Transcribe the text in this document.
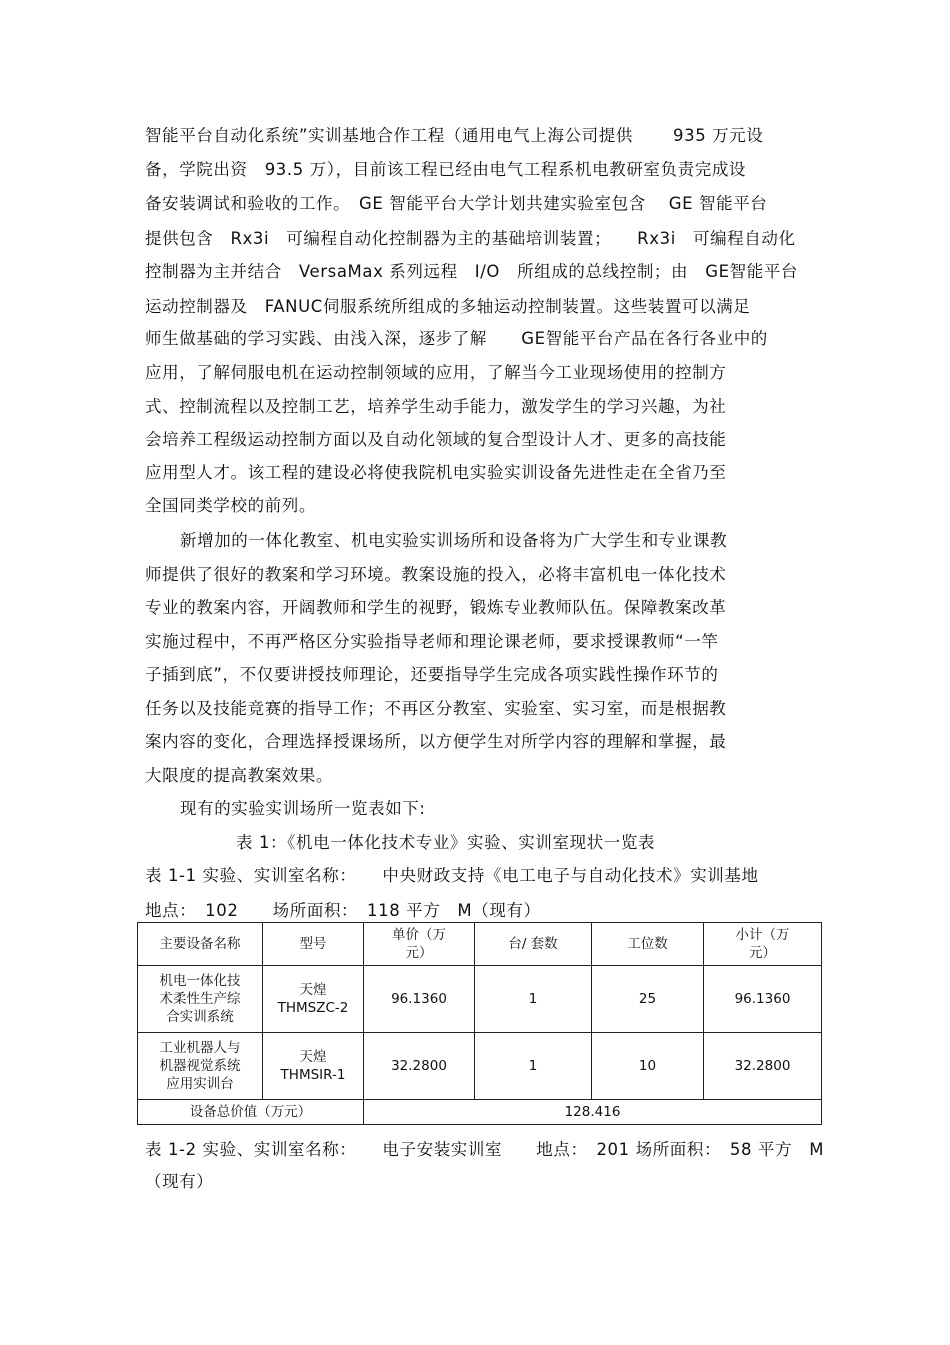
智能平台自动化系统”实训基地合作工程（通用电气上海公司提供　　 935 万元设
备，学院出资　93.5 万），目前该工程已经由电气工程系机电教研室负责完成设
备安装调试和验收的工作。　GE 智能平台大学计划共建实验室包含　 GE 智能平台
提供包含　Rx3i　可编程自动化控制器为主的基础培训装置；　　Rx3i　可编程自动化
控制器为主并结合　VersaMax 系列远程　I/O　所组成的总线控制；由　GE智能平台
运动控制器及　FANUC伺服系统所组成的多轴运动控制装置。这些装置可以满足
师生做基础的学习实践、由浅入深，逐步了解　　GE智能平台产品在各行各业中的
应用，了解伺服电机在运动控制领域的应用，了解当今工业现场使用的控制方
式、控制流程以及控制工艺，培养学生动手能力，激发学生的学习兴趣，为社
会培养工程级运动控制方面以及自动化领域的复合型设计人才、更多的高技能
应用型人才。该工程的建设必将使我院机电实验实训设备先进性走在全省乃至
全国同类学校的前列。
新增加的一体化教室、机电实验实训场所和设备将为广大学生和专业课教
师提供了很好的教案和学习环境。教案设施的投入，必将丰富机电一体化技术
专业的教案内容，开阔教师和学生的视野，锻炼专业教师队伍。保障教案改革
实施过程中，不再严格区分实验指导老师和理论课老师，要求授课教师“一竿
子插到底”，不仅要讲授技师理论，还要指导学生完成各项实践性操作环节的
任务以及技能竞赛的指导工作；不再区分教室、实验室、实习室，而是根据教
案内容的变化，合理选择授课场所，以方便学生对所学内容的理解和掌握，最
大限度的提高教案效果。
现有的实验实训场所一览表如下:
表 1：《机电一体化技术专业》实验、实训室现状一览表
表 1-1 实验、实训室名称：　　中央财政支持《电工电子与自动化技术》实训基地
地点：　102　　场所面积：　118 平方　M（现有）
主要设备名称	型号	单价（万
元）	台/ 套数	工位数	小计（万
元）
机电一体化技
术柔性生产综
合实训系统	天煌
THMSZC-2	96.1360	1	25	96.1360
工业机器人与
机器视觉系统
应用实训台	天煌
THMSIR-1	32.2800	1	10	32.2800
设备总价值（万元）		128.416			
表 1-2 实验、实训室名称：　　电子安装实训室　　地点：　201 场所面积：　58 平方　M
（现有）
